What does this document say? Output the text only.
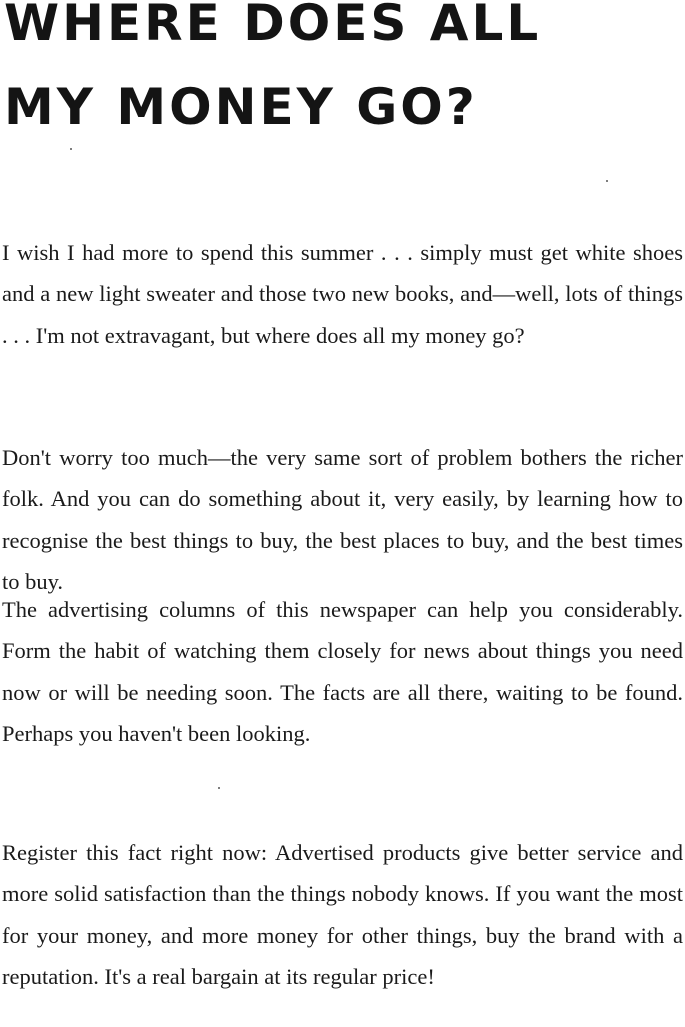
WHERE DOES ALL
MY MONEY GO?

I wish I had more to spend this summer . . . simply must get white shoes and a new light sweater and those two new books, and—well, lots of things . . . I'm not extravagant, but where does all my money go?

Don't worry too much—the very same sort of problem bothers the richer folk. And you can do something about it, very easily, by learning how to recognise the best things to buy, the best places to buy, and the best times to buy.

The advertising columns of this newspaper can help you considerably. Form the habit of watching them closely for news about things you need now or will be needing soon. The facts are all there, waiting to be found. Perhaps you haven't been looking.

Register this fact right now: Advertised products give better service and more solid satisfaction than the things nobody knows. If you want the most for your money, and more money for other things, buy the brand with a reputation. It's a real bargain at its regular price!
